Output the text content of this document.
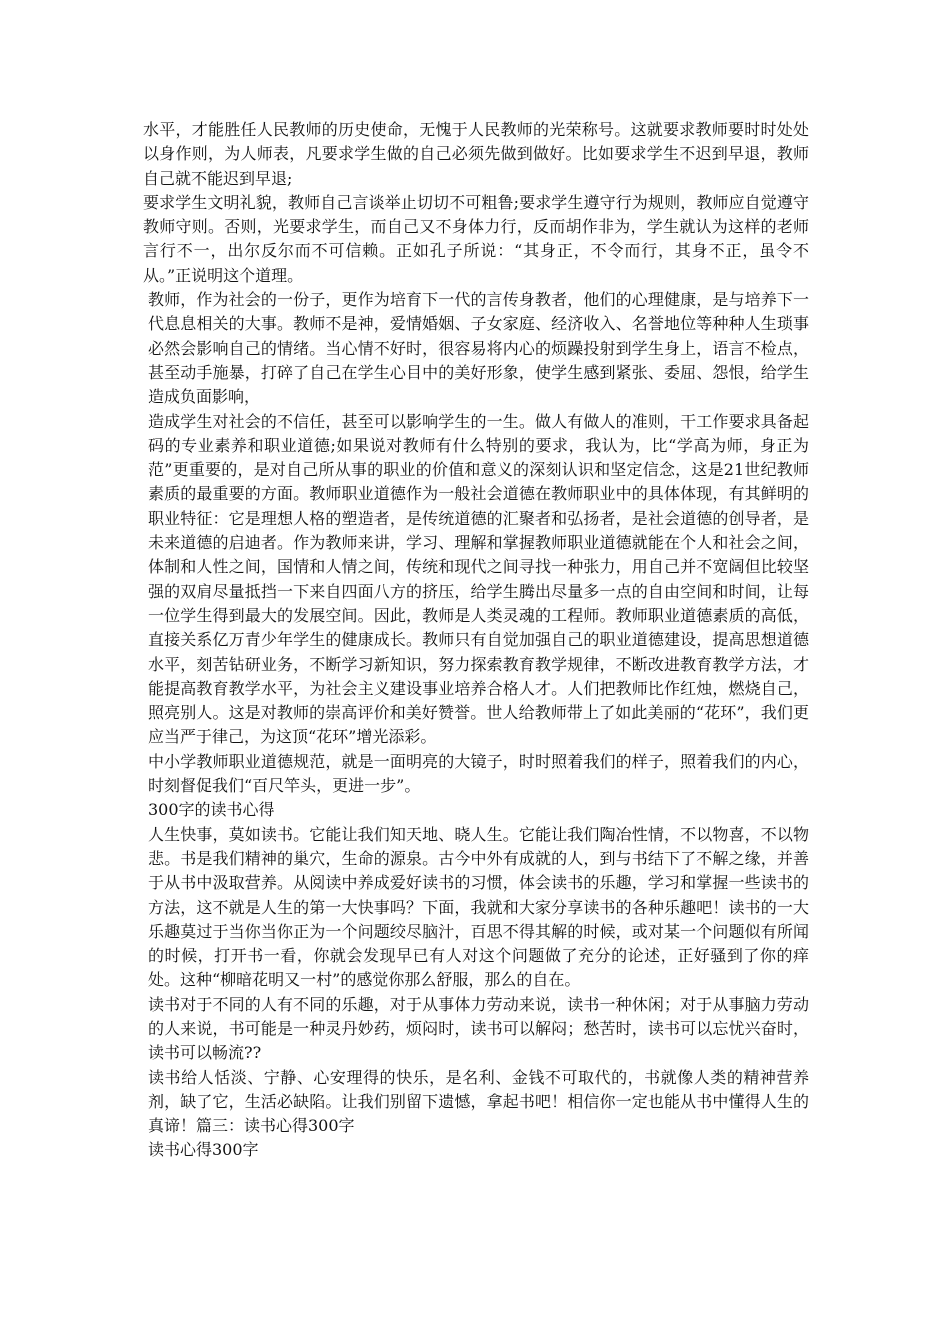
水平，才能胜任人民教师的历史使命，无愧于人民教师的光荣称号。这就要求教师要时时处处以身作则，为人师表，凡要求学生做的自己必须先做到做好。比如要求学生不迟到早退，教师自己就不能迟到早退;

要求学生文明礼貌，教师自己言谈举止切切不可粗鲁;要求学生遵守行为规则，教师应自觉遵守教师守则。否则，光要求学生，而自己又不身体力行，反而胡作非为，学生就认为这样的老师言行不一，出尔反尔而不可信赖。正如孔子所说：“其身正，不令而行，其身不正，虽令不从。”正说明这个道理。

教师，作为社会的一份子，更作为培育下一代的言传身教者，他们的心理健康，是与培养下一代息息相关的大事。教师不是神，爱情婚姻、子女家庭、经济收入、名誉地位等种种人生琐事必然会影响自己的情绪。当心情不好时，很容易将内心的烦躁投射到学生身上，语言不检点，甚至动手施暴，打碎了自己在学生心目中的美好形象，使学生感到紧张、委屈、怨恨，给学生造成负面影响，

造成学生对社会的不信任，甚至可以影响学生的一生。做人有做人的准则，干工作要求具备起码的专业素养和职业道德;如果说对教师有什么特别的要求，我认为，比“学高为师，身正为范”更重要的，是对自己所从事的职业的价值和意义的深刻认识和坚定信念，这是21世纪教师素质的最重要的方面。教师职业道德作为一般社会道德在教师职业中的具体体现，有其鲜明的职业特征：它是理想人格的塑造者，是传统道德的汇聚者和弘扬者，是社会道德的创导者，是未来道德的启迪者。作为教师来讲，学习、理解和掌握教师职业道德就能在个人和社会之间，体制和人性之间，国情和人情之间，传统和现代之间寻找一种张力，用自己并不宽阔但比较坚强的双肩尽量抵挡一下来自四面八方的挤压，给学生腾出尽量多一点的自由空间和时间，让每一位学生得到最大的发展空间。因此，教师是人类灵魂的工程师。教师职业道德素质的高低，直接关系亿万青少年学生的健康成长。教师只有自觉加强自己的职业道德建设，提高思想道德水平，刻苦钻研业务，不断学习新知识，努力探索教育教学规律，不断改进教育教学方法，才能提高教育教学水平，为社会主义建设事业培养合格人才。人们把教师比作红烛，燃烧自己，照亮别人。这是对教师的崇高评价和美好赞誉。世人给教师带上了如此美丽的“花环”，我们更应当严于律己，为这顶“花环”增光添彩。

中小学教师职业道德规范，就是一面明亮的大镜子，时时照着我们的样子，照着我们的内心，时刻督促我们“百尺竿头，更进一步”。

300字的读书心得

人生快事，莫如读书。它能让我们知天地、晓人生。它能让我们陶冶性情，不以物喜，不以物悲。书是我们精神的巢穴，生命的源泉。古今中外有成就的人，到与书结下了不解之缘，并善于从书中汲取营养。从阅读中养成爱好读书的习惯，体会读书的乐趣，学习和掌握一些读书的方法，这不就是人生的第一大快事吗？下面，我就和大家分享读书的各种乐趣吧！读书的一大乐趣莫过于当你当你正为一个问题绞尽脑汁，百思不得其解的时候，或对某一个问题似有所闻的时候，打开书一看，你就会发现早已有人对这个问题做了充分的论述，正好骚到了你的痒处。这种“柳暗花明又一村”的感觉你那么舒服，那么的自在。

读书对于不同的人有不同的乐趣，对于从事体力劳动来说，读书一种休闲；对于从事脑力劳动的人来说，书可能是一种灵丹妙药，烦闷时，读书可以解闷；愁苦时，读书可以忘忧兴奋时，读书可以畅流??

读书给人恬淡、宁静、心安理得的快乐，是名利、金钱不可取代的，书就像人类的精神营养剂，缺了它，生活必缺陷。让我们别留下遗憾，拿起书吧！相信你一定也能从书中懂得人生的真谛！篇三：读书心得300字

读书心得300字
